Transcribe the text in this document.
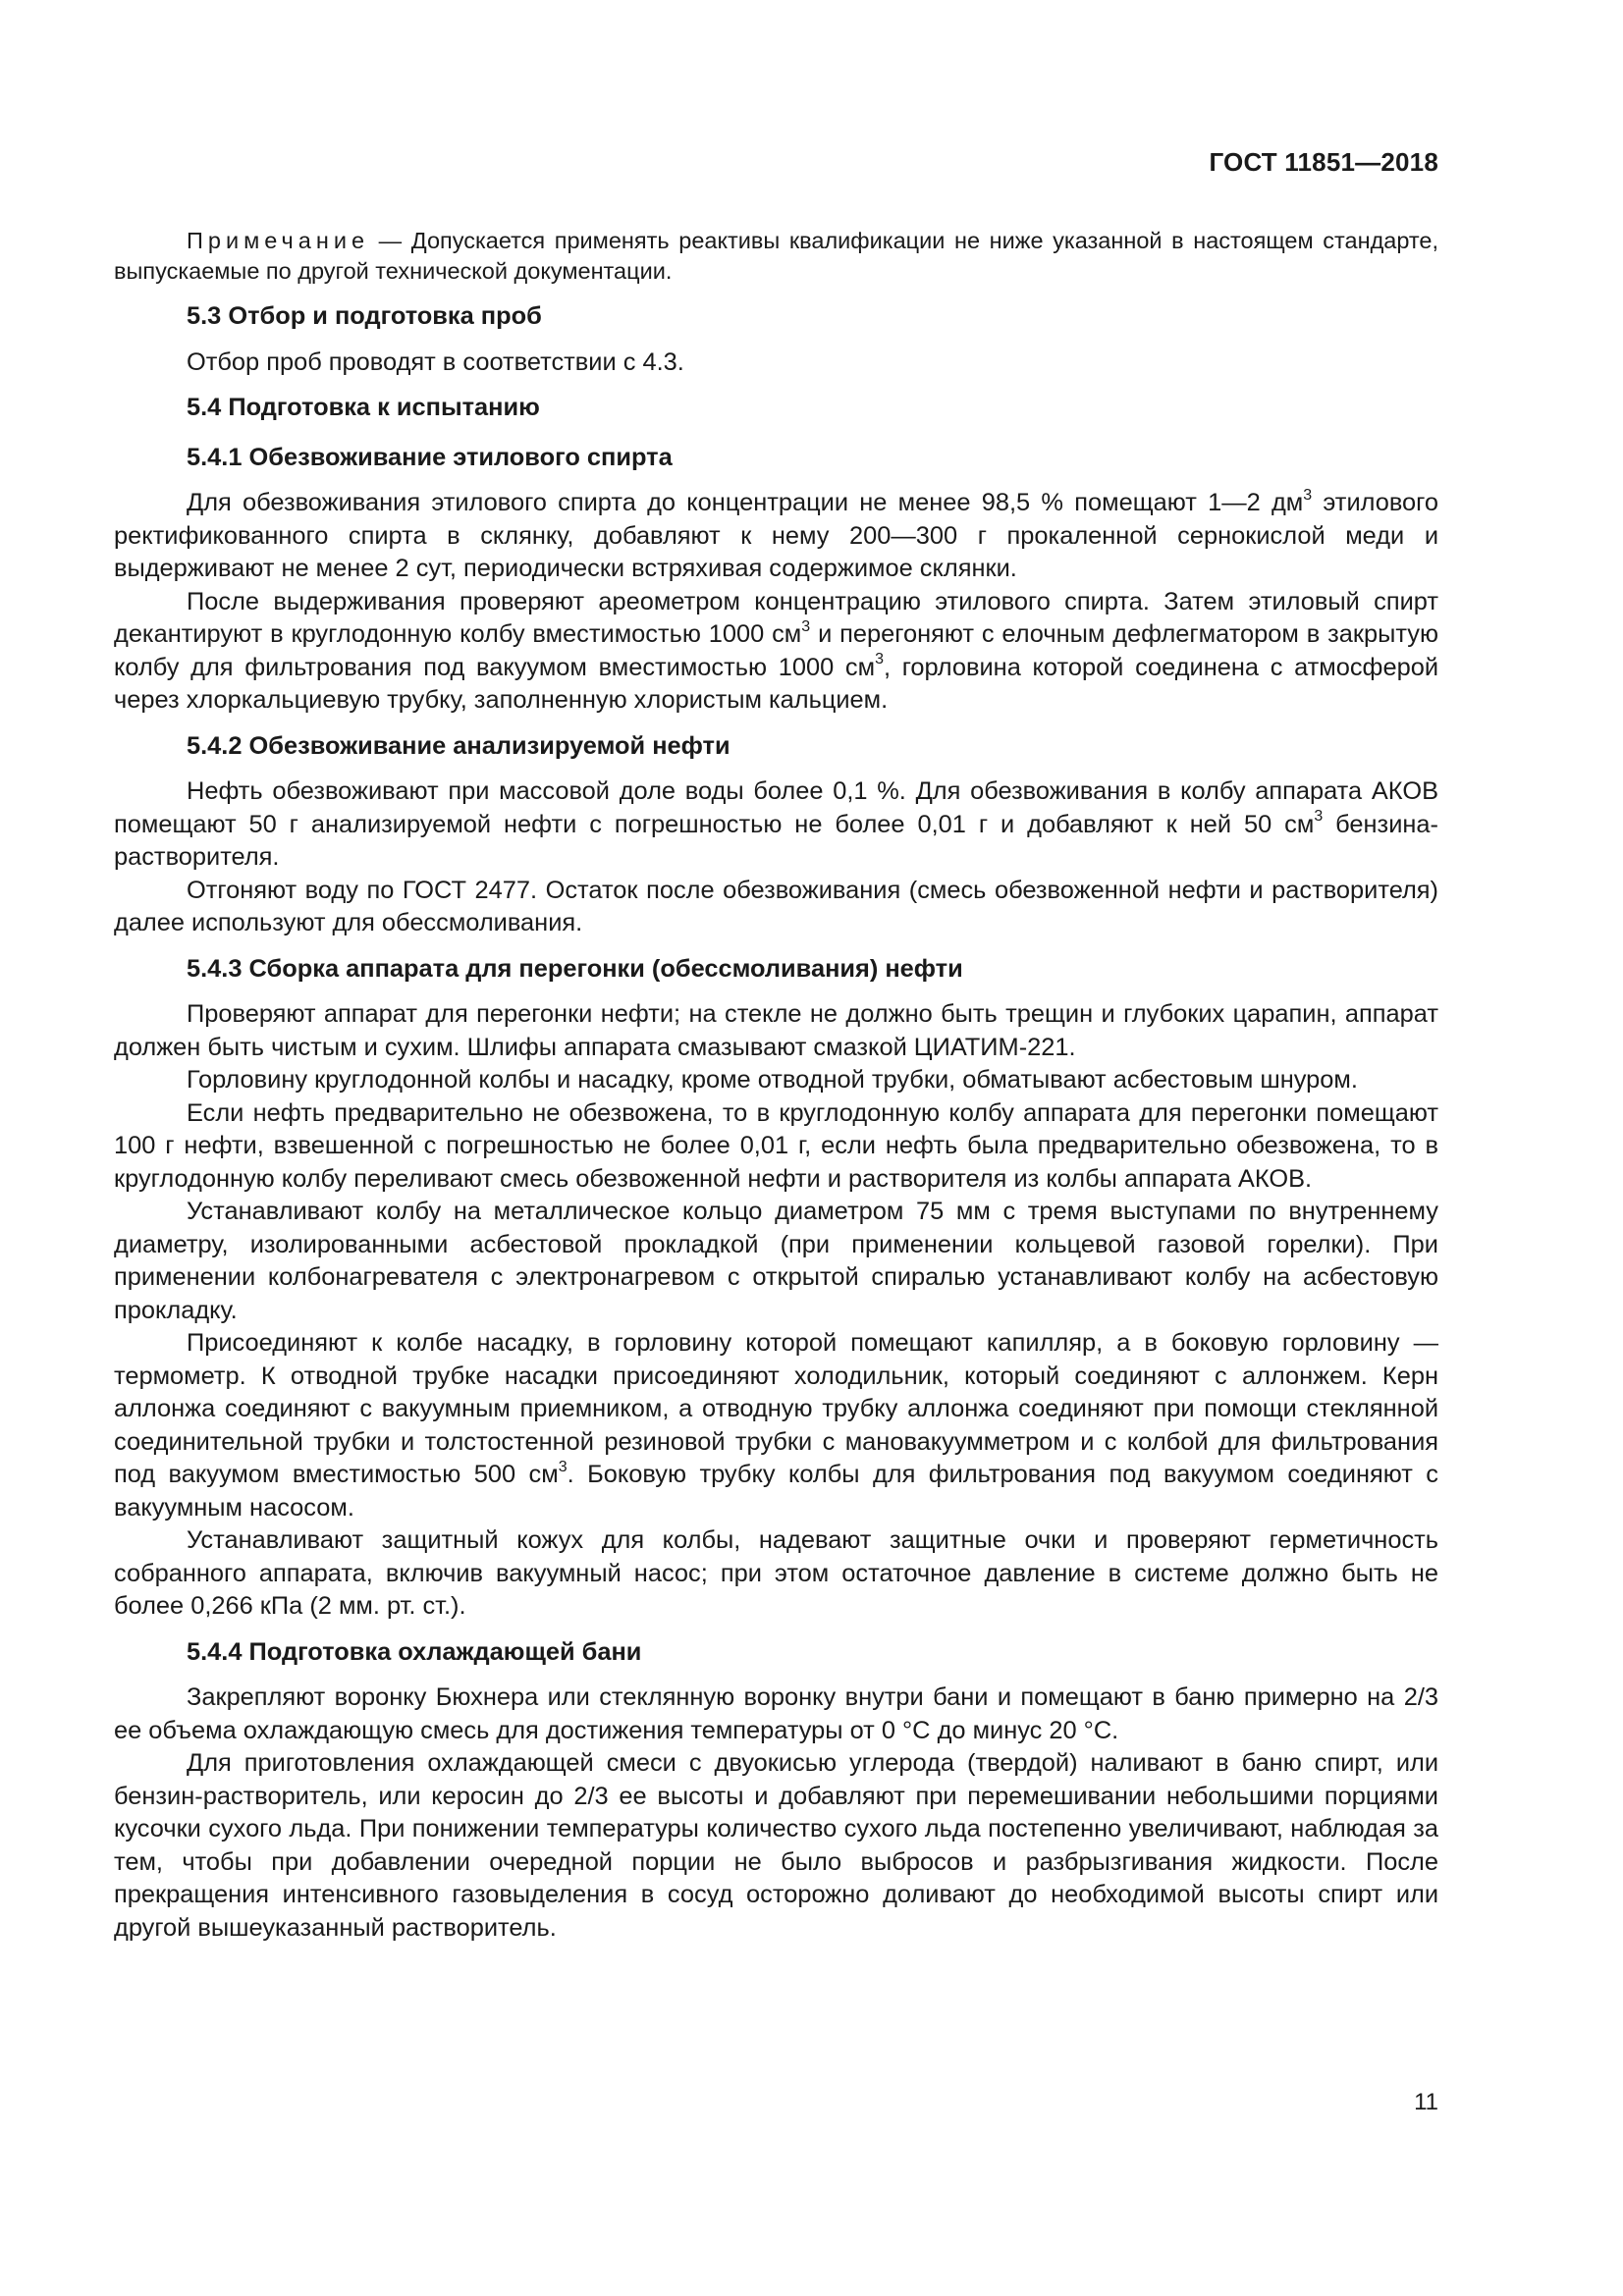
ГОСТ 11851—2018

Примечание — Допускается применять реактивы квалификации не ниже указанной в настоящем стандарте, выпускаемые по другой технической документации.

5.3 Отбор и подготовка проб

Отбор проб проводят в соответствии с 4.3.

5.4 Подготовка к испытанию
5.4.1 Обезвоживание этилового спирта

Для обезвоживания этилового спирта до концентрации не менее 98,5 % помещают 1—2 $дм^3$ этилового ректификованного спирта в склянку, добавляют к нему 200—300 г прокаленной сернокислой меди и выдерживают не менее 2 сут, периодически встряхивая содержимое склянки.

После выдерживания проверяют ареометром концентрацию этилового спирта. Затем этиловый спирт декантируют в круглодонную колбу вместимостью 1000 $см^3$ и перегоняют с елочным дефлегматором в закрытую колбу для фильтрования под вакуумом вместимостью 1000 $см^3$, горловина которой соединена с атмосферой через хлоркальциевую трубку, заполненную хлористым кальцием.

5.4.2 Обезвоживание анализируемой нефти

Нефть обезвоживают при массовой доле воды более 0,1 %. Для обезвоживания в колбу аппарата АКОВ помещают 50 г анализируемой нефти с погрешностью не более 0,01 г и добавляют к ней 50 $см^3$ бензина-растворителя.

Отгоняют воду по ГОСТ 2477. Остаток после обезвоживания (смесь обезвоженной нефти и растворителя) далее используют для обессмоливания.

5.4.3 Сборка аппарата для перегонки (обессмоливания) нефти

Проверяют аппарат для перегонки нефти; на стекле не должно быть трещин и глубоких царапин, аппарат должен быть чистым и сухим. Шлифы аппарата смазывают смазкой ЦИАТИМ-221.

Горловину круглодонной колбы и насадку, кроме отводной трубки, обматывают асбестовым шнуром.

Если нефть предварительно не обезвожена, то в круглодонную колбу аппарата для перегонки помещают 100 г нефти, взвешенной с погрешностью не более 0,01 г, если нефть была предварительно обезвожена, то в круглодонную колбу переливают смесь обезвоженной нефти и растворителя из колбы аппарата АКОВ.

Устанавливают колбу на металлическое кольцо диаметром 75 мм с тремя выступами по внутреннему диаметру, изолированными асбестовой прокладкой (при применении кольцевой газовой горелки). При применении колбонагревателя с электронагревом с открытой спиралью устанавливают колбу на асбестовую прокладку.

Присоединяют к колбе насадку, в горловину которой помещают капилляр, а в боковую горловину — термометр. К отводной трубке насадки присоединяют холодильник, который соединяют с аллонжем. Керн аллонжа соединяют с вакуумным приемником, а отводную трубку аллонжа соединяют при помощи стеклянной соединительной трубки и толстостенной резиновой трубки с мановакуумметром и с колбой для фильтрования под вакуумом вместимостью 500 $см^3$. Боковую трубку колбы для фильтрования под вакуумом соединяют с вакуумным насосом.

Устанавливают защитный кожух для колбы, надевают защитные очки и проверяют герметичность собранного аппарата, включив вакуумный насос; при этом остаточное давление в системе должно быть не более 0,266 кПа (2 мм. рт. ст.).

5.4.4 Подготовка охлаждающей бани

Закрепляют воронку Бюхнера или стеклянную воронку внутри бани и помещают в баню примерно на 2/3 ее объема охлаждающую смесь для достижения температуры от 0 °С до минус 20 °С.

Для приготовления охлаждающей смеси с двуокисью углерода (твердой) наливают в баню спирт, или бензин-растворитель, или керосин до 2/3 ее высоты и добавляют при перемешивании небольшими порциями кусочки сухого льда. При понижении температуры количество сухого льда постепенно увеличивают, наблюдая за тем, чтобы при добавлении очередной порции не было выбросов и разбрызгивания жидкости. После прекращения интенсивного газовыделения в сосуд осторожно доливают до необходимой высоты спирт или другой вышеуказанный растворитель.

11
